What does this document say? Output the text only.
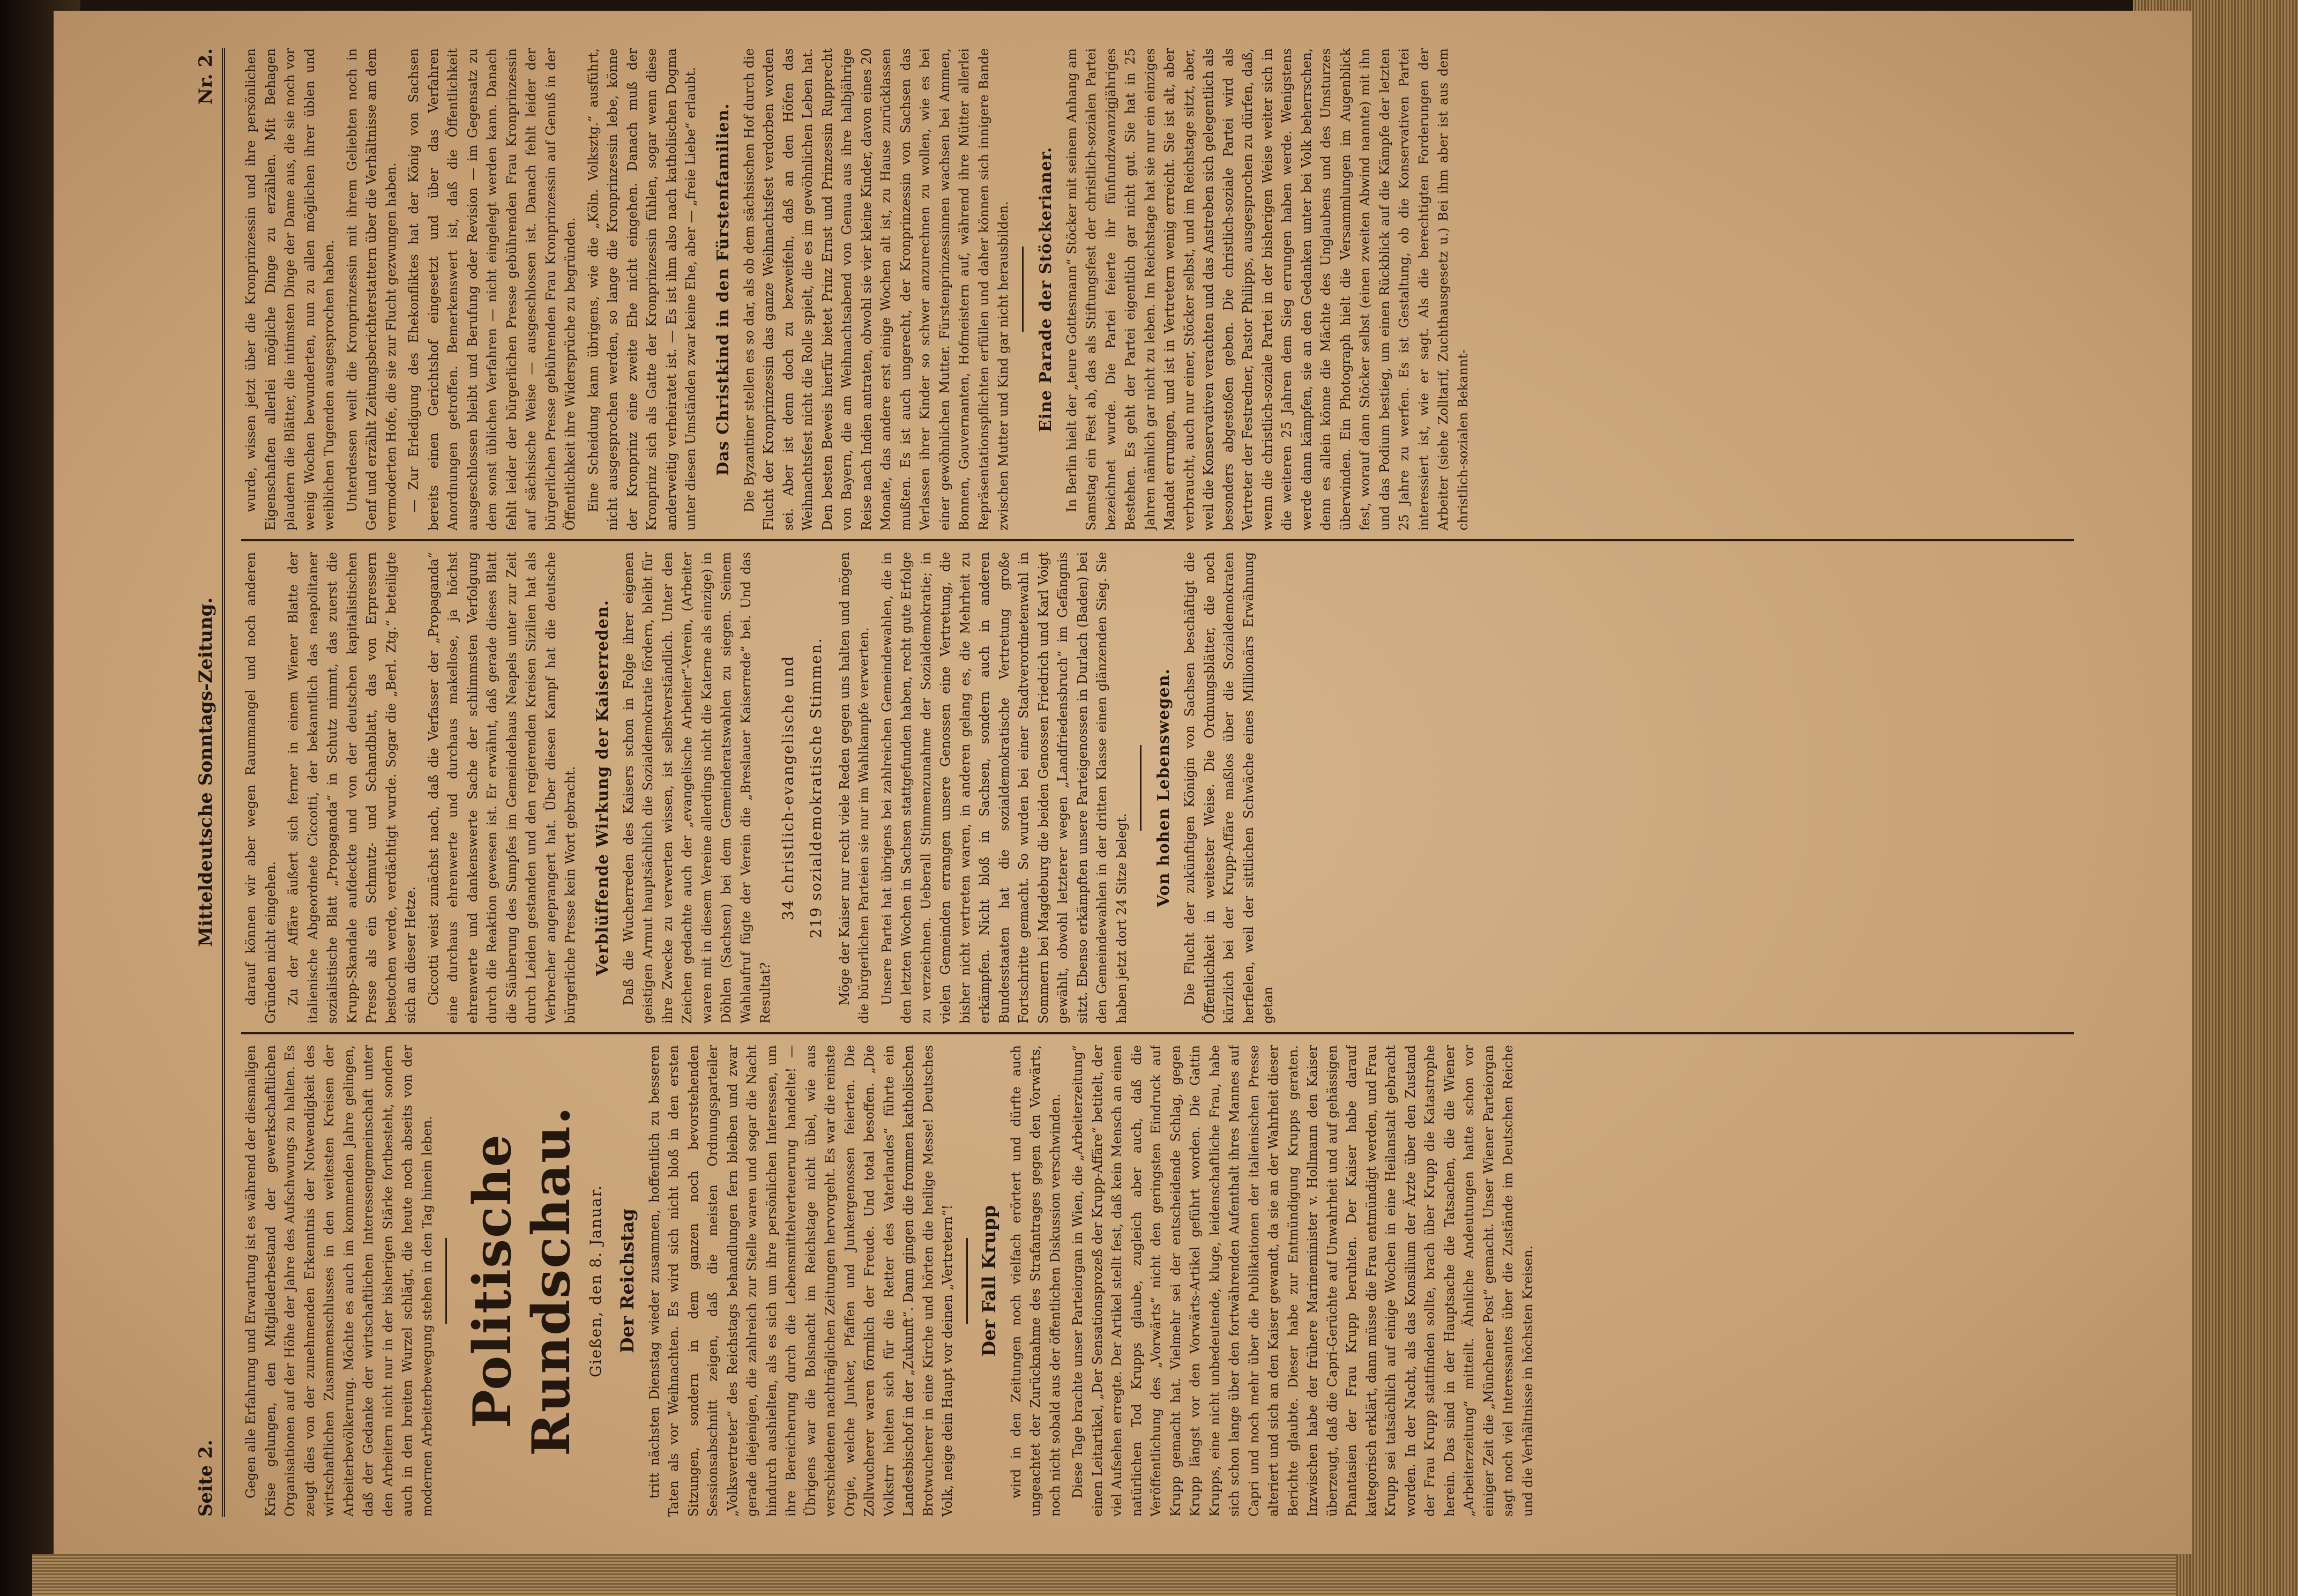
Seite 2.
Mitteldeutsche Sonntags-Zeitung.
Nr. 2.

Gegen alle Erfahrung und Erwartung ist es während der diesmaligen Krise gelungen, den Mitgliederbestand der gewerkschaftlichen Organisationen auf der Höhe der Jahre des Aufschwungs zu halten. Es zeugt dies von der zunehmenden Erkenntnis der Notwendigkeit des wirtschaftlichen Zusammenschlusses in den weitesten Kreisen der Arbeiterbevölkerung. Möchte es auch im kommenden Jahre gelingen, daß der Gedanke der wirtschaftlichen Interessengemeinschaft unter den Arbeitern nicht nur in der bisherigen Stärke fortbesteht, sondern auch in den breiten Wurzel schlägt, die heute noch abseits von der modernen Arbeiterbewegung stehen in den Tag hinein leben. Politische Rundschau. Gießen, den 8. Januar. Der Reichstag tritt nächsten Dienstag wieder zusammen, hoffentlich zu besseren Taten als vor Weihnachten. Es wird sich nicht bloß in den ersten Sitzungen, sondern in dem ganzen noch bevorstehenden Sessionsabschnitt zeigen, daß die meisten Ordnungsparteiler „Volksvertreter“ des Reichstags behandlungen fern bleiben und zwar gerade diejenigen, die zahlreich zur Stelle waren und sogar die Nacht hindurch aushielten, als es sich um ihre persönlichen Interessen, um ihre Bereicherung durch die Lebensmittelverteuerung handelte! — Übrigens war die Bolsnacht im Reichstage nicht übel, wie aus verschiedenen nachträglichen Zeitungen hervorgeht. Es war die reinste Orgie, welche Junker, Pfaffen und Junkergenossen feierten. Die Zollwucherer waren förmlich der Freude. Und total besoffen. „Die Volkstrr hielten sich für die Retter des Vaterlandes“ führte ein Landesbischof in der „Zukunft“. Dann gingen die frommen katholischen Brotwucherer in eine Kirche und hörten die heilige Messe! Deutsches Volk, neige dein Haupt vor deinen „Vertretern“! Der Fall Krupp wird in den Zeitungen noch vielfach erörtert und dürfte auch ungeachtet der Zurücknahme des Strafantrages gegen den Vorwärts, noch nicht sobald aus der öffentlichen Diskussion verschwinden. Diese Tage brachte unser Parteiorgan in Wien, die „Arbeiterzeitung“ einen Leitartikel, „Der Sensationsprozeß der Krupp-Affäre“ betitelt, der viel Aufsehen erregte. Der Artikel stellt fest, daß kein Mensch an einen natürlichen Tod Krupps glaube, zugleich aber auch, daß die Veröffentlichung des „Vorwärts“ nicht den geringsten Eindruck auf Krupp gemacht hat. Vielmehr sei der entscheidende Schlag, gegen Krupp längst vor den Vorwärts-Artikel geführt worden. Die Gattin Krupps, eine nicht unbedeutende, kluge, leidenschaftliche Frau, habe sich schon lange über den fortwährenden Aufenthalt ihres Mannes auf Capri und noch mehr über die Publikationen der italienischen Presse alteriert und sich an den Kaiser gewandt, da sie an der Wahrheit dieser Berichte glaubte. Dieser habe zur Entmündigung Krupps geraten. Inzwischen habe der frühere Marineminister v. Hollmann den Kaiser überzeugt, daß die Capri-Gerüchte auf Unwahrheit und auf gehässigen Phantasien der Frau Krupp beruhten. Der Kaiser habe darauf kategorisch erklärt, dann müsse die Frau entmündigt werden, und Frau Krupp sei tatsächlich auf einige Wochen in eine Heilanstalt gebracht worden. In der Nacht, als das Konsilium der Ärzte über den Zustand der Frau Krupp stattfinden sollte, brach über Krupp die Katastrophe herein. Das sind in der Hauptsache die Tatsachen, die die Wiener „Arbeiterzeitung“ mitteilt. Ähnliche Andeutungen hatte schon vor einiger Zeit die „Münchener Post“ gemacht. Unser Wiener Parteiorgan sagt noch viel Interessantes über die Zustände im Deutschen Reiche und die Verhältnisse in höchsten Kreisen.

darauf können wir aber wegen Raummangel und noch anderen Gründen nicht eingehen. Zu der Affäre äußert sich ferner in einem Wiener Blatte der italienische Abgeordnete Ciccotti, der bekanntlich das neapolitaner sozialistische Blatt „Propaganda“ in Schutz nimmt, das zuerst die Krupp-Skandale aufdeckte und von der deutschen kapitalistischen Presse als ein Schmutz- und Schandblatt, das von Erpressern bestochen werde, verdächtigt wurde. Sogar die „Berl. Ztg.“ beteiligte sich an dieser Hetze. Ciccotti weist zunächst nach, daß die Verfasser der „Propaganda“ eine durchaus ehrenwerte und durchaus makellose, ja höchst ehrenwerte und dankenswerte Sache der schlimmsten Verfolgung durch die Reaktion gewesen ist. Er erwähnt, daß gerade dieses Blatt die Säuberung des Sumpfes im Gemeindehaus Neapels unter zur Zeit durch Leiden gestanden und den regierenden Kreisen Sizilien hat als Verbrecher angeprangert hat. Über diesen Kampf hat die deutsche bürgerliche Presse kein Wort gebracht. Verblüffende Wirkung der Kaiserreden. Daß die Wucherreden des Kaisers schon in Folge ihrer eigenen geistigen Armut hauptsächlich die Sozialdemokratie fördern, bleibt für ihre Zwecke zu verwerten wissen, ist selbstverständlich. Unter den Zeichen gedachte auch der „evangelische Arbeiter“-Verein, (Arbeiter waren mit in diesem Vereine allerdings nicht die Katerne als einzige) in Döhlen (Sachsen) bei dem Gemeinderatswahlen zu siegen. Seinem Wahlaufruf fügte der Verein die „Breslauer Kaiserrede“ bei. Und das Resultat?

34 christlich-evangelische und 219 sozialdemokratische Stimmen. Möge der Kaiser nur recht viele Reden gegen uns halten und mögen die bürgerlichen Parteien sie nur im Wahlkampfe verwerten. Unsere Partei hat übrigens bei zahlreichen Gemeindewahlen, die in den letzten Wochen in Sachsen stattgefunden haben, recht gute Erfolge zu verzeichnen. Ueberall Stimmenzunahme der Sozialdemokratie; in vielen Gemeinden errangen unsere Genossen eine Vertretung, die bisher nicht vertreten waren, in anderen gelang es, die Mehrheit zu erkämpfen. Nicht bloß in Sachsen, sondern auch in anderen Bundesstaaten hat die sozialdemokratische Vertretung große Fortschritte gemacht. So wurden bei einer Stadtverordnetenwahl in Sommern bei Magdeburg die beiden Genossen Friedrich und Karl Voigt gewählt, obwohl letzterer wegen „Landfriedensbruch“ im Gefängnis sitzt. Ebenso erkämpften unsere Parteigenossen in Durlach (Baden) bei den Gemeindewahlen in der dritten Klasse einen glänzenden Sieg. Sie haben jetzt dort 24 Sitze belegt.

Von hohen Lebenswegen. Die Flucht der zukünftigen Königin von Sachsen beschäftigt die Öffentlichkeit in weitester Weise. Die Ordnungsblätter, die noch kürzlich bei der Krupp-Affäre maßlos über die Sozialdemokraten herfielen, weil der sittlichen Schwäche eines Millionärs Erwähnung getan

wurde, wissen jetzt über die Kronprinzessin und ihre persönlichen Eigenschaften allerlei mögliche Dinge zu erzählen. Mit Behagen plaudern die Blätter, die intimsten Dinge der Dame aus, die sie noch vor wenig Wochen bewunderten, nun zu allen möglichen ihrer üblen und weiblichen Tugenden ausgesprochen haben. Unterdessen weilt die Kronprinzessin mit ihrem Geliebten noch in Genf und erzählt Zeitungsberichterstattern über die Verhältnisse am dem vermoderten Hofe, die sie zur Flucht gezwungen haben. — Zur Erledigung des Ehekonfliktes hat der König von Sachsen bereits einen Gerichtshof eingesetzt und über das Verfahren Anordnungen getroffen. Bemerkenswert ist, daß die Öffentlichkeit ausgeschlossen bleibt und Berufung oder Revision — im Gegensatz zu dem sonst üblichen Verfahren — nicht eingelegt werden kann. Danach fehlt leider der bürgerlichen Presse gebührenden Frau Kronprinzessin auf sächsische Weise — ausgeschlossen ist. Danach fehlt leider der bürgerlichen Presse gebührenden Frau Kronprinzessin auf Genuß in der Öffentlichkeit ihre Widersprüche zu begründen. Eine Scheidung kann übrigens, wie die „Köln. Volksztg.“ ausführt, nicht ausgesprochen werden, so lange die Kronprinzessin lebe, könne der Kronprinz eine zweite Ehe nicht eingehen. Danach muß der Kronprinz sich als Gatte der Kronprinzessin fühlen, sogar wenn diese anderweitig verheiratet ist. — Es ist ihm also nach katholischen Dogma unter diesen Umständen zwar keine Ehe, aber — „freie Liebe“ erlaubt. Das Christkind in den Fürstenfamilien. Die Byzantiner stellen es so dar, als ob dem sächsischen Hof durch die Flucht der Kronprinzessin das ganze Weihnachtsfest verdorben worden sei. Aber ist denn doch zu bezweifeln, daß an den Höfen das Weihnachtsfest nicht die Rolle spielt, die es im gewöhnlichen Leben hat. Den besten Beweis hierfür bietet Prinz Ernst und Prinzessin Rupprecht von Bayern, die am Weihnachtsabend von Genua aus ihre halbjährige Reise nach Indien antraten, obwohl sie vier kleine Kinder, davon eines 20 Monate, das andere erst einige Wochen alt ist, zu Hause zurücklassen mußten. Es ist auch ungerecht, der Kronprinzessin von Sachsen das Verlassen ihrer Kinder so schwer anzurechnen zu wollen, wie es bei einer gewöhnlichen Mutter. Fürstenprinzessinnen wachsen bei Ammen, Bonnen, Gouvernanten, Hofmeistern auf, während ihre Mütter allerlei Repräsentationspflichten erfüllen und daher können sich innigere Bande zwischen Mutter und Kind gar nicht herausbilden. Eine Parade der Stöckerianer. In Berlin hielt der „teure Gottesmann“ Stöcker mit seinem Anhang am Samstag ein Fest ab, das als Stiftungsfest der christlich-sozialen Partei bezeichnet wurde. Die Partei feierte ihr fünfundzwanzigjähriges Bestehen. Es geht der Partei eigentlich gar nicht gut. Sie hat in 25 Jahren nämlich gar nicht zu leben. Im Reichstage hat sie nur ein einziges Mandat errungen, und ist in Vertretern wenig erreicht. Sie ist alt, aber verbraucht, auch nur einer, Stöcker selbst, und im Reichstage sitzt, aber, weil die Konservativen verachten und das Anstreben sich gelegentlich als besonders abgestoßen geben. Die christlich-soziale Partei wird als Vertreter der Festredner, Pastor Philipps, ausgesprochen zu dürfen, daß, wenn die christlich-soziale Partei in der bisherigen Weise weiter sich in die weiteren 25 Jahren dem Sieg errungen haben werde. Wenigstens werde dann kämpfen, sie an den Gedanken unter bei Volk beherrschen, denn es allein könne die Mächte des Unglaubens und des Umsturzes überwinden. Ein Photograph hielt die Versammlungen im Augenblick fest, worauf dann Stöcker selbst (einen zweiten Abwind nannte) mit ihn und das Podium bestieg, um einen Rückblick auf die Kämpfe der letzten 25 Jahre zu werfen. Es ist Gestaltung, ob die Konservativen Partei interessiert ist, wie er sagt. Als die berechtigten Forderungen der Arbeiter (siehe Zolltarif, Zuchthausgesetz u.) Bei ihm aber ist aus dem christlich-sozialen Bekannt-
